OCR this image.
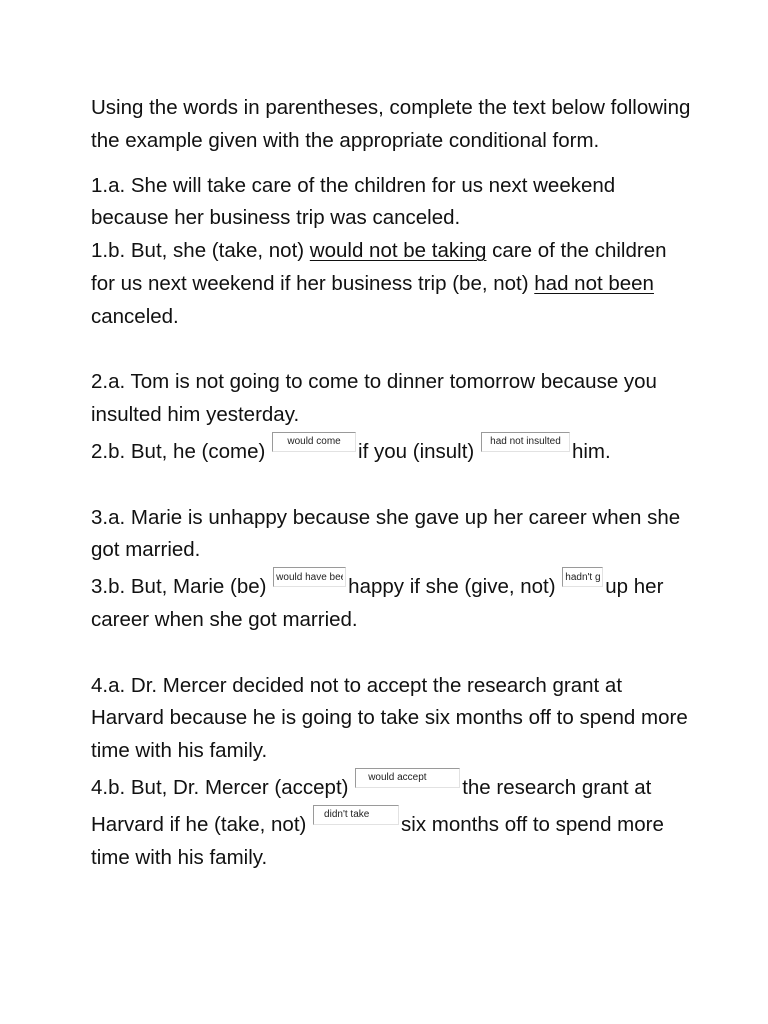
Using the words in parentheses, complete the text below following the example given with the appropriate conditional form.

1.a. She will take care of the children for us next weekend because her business trip was canceled.

1.b. But, she (take, not) would not be taking care of the children for us next weekend if her business trip (be, not) had not been canceled.

2.a. Tom is not going to come to dinner tomorrow because you insulted him yesterday.

2.b. But, he (come) would come	if you (insult) had not insulted	him.

3.a. Marie is unhappy because she gave up her career when she got married.

3.b. But, Marie (be) would have been	happy if she (give, not) hadn't given up her career when she got married.

4.a. Dr. Mercer decided not to accept the research grant at Harvard because he is going to take six months off to spend more time with his family.

4.b. But, Dr. Mercer (accept) would accept	the research grant at Harvard if he (take, not) didn't take	six months off to spend more time with his family.
